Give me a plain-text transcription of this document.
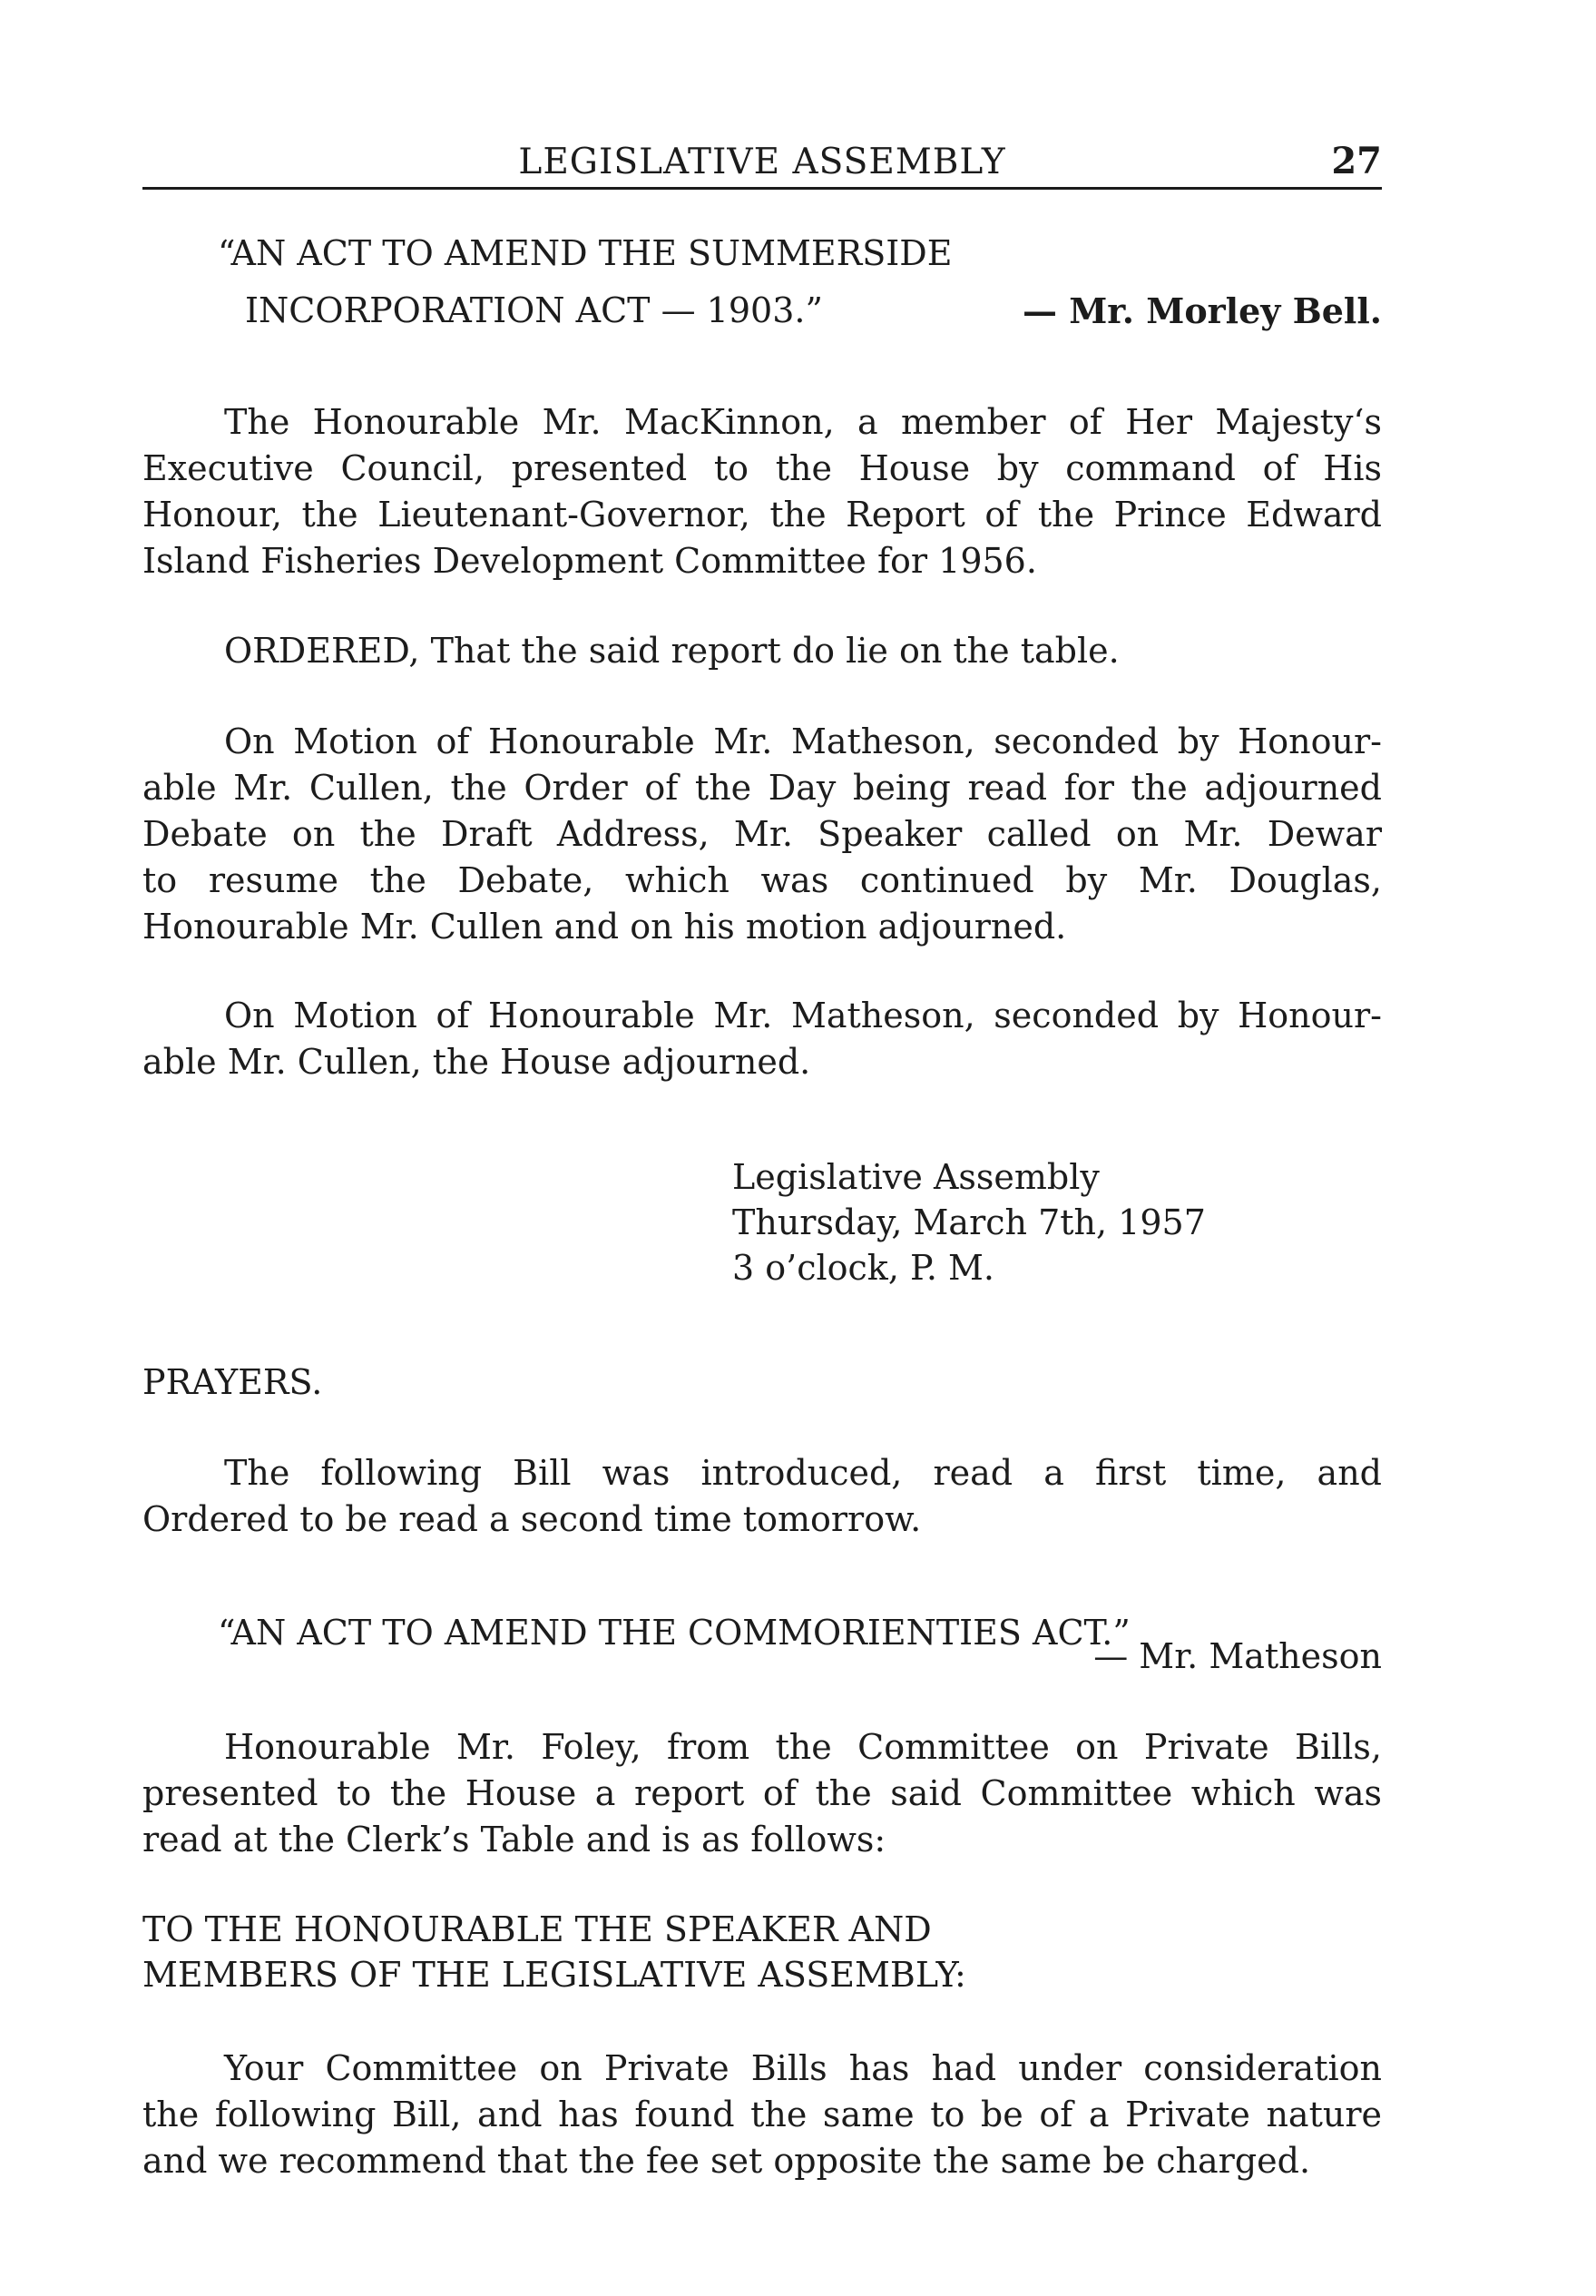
LEGISLATIVE ASSEMBLY	27
“AN ACT TO AMEND THE SUMMERSIDE
INCORPORATION ACT — 1903.”	— Mr. Morley Bell.
The Honourable Mr. MacKinnon, a member of Her Majesty‘s
Executive Council, presented to the House by command of His
Honour, the Lieutenant-Governor, the Report of the Prince Edward
Island Fisheries Development Committee for 1956.
ORDERED, That the said report do lie on the table.
On Motion of Honourable Mr. Matheson, seconded by Honour-
able Mr. Cullen, the Order of the Day being read for the adjourned
Debate on the Draft Address, Mr. Speaker called on Mr. Dewar
to resume the Debate, which was continued by Mr. Douglas,
Honourable Mr. Cullen and on his motion adjourned.
On Motion of Honourable Mr. Matheson, seconded by Honour-
able Mr. Cullen, the House adjourned.
Legislative Assembly
Thursday, March 7th, 1957
3 o’clock, P. M.
PRAYERS.
The following Bill was introduced, read a first time, and
Ordered to be read a second time tomorrow.
“AN ACT TO AMEND THE COMMORIENTIES ACT.”
— Mr. Matheson
Honourable Mr. Foley, from the Committee on Private Bills,
presented to the House a report of the said Committee which was
read at the Clerk’s Table and is as follows:
TO THE HONOURABLE THE SPEAKER AND
MEMBERS OF THE LEGISLATIVE ASSEMBLY:
Your Committee on Private Bills has had under consideration
the following Bill, and has found the same to be of a Private nature
and we recommend that the fee set opposite the same be charged.
